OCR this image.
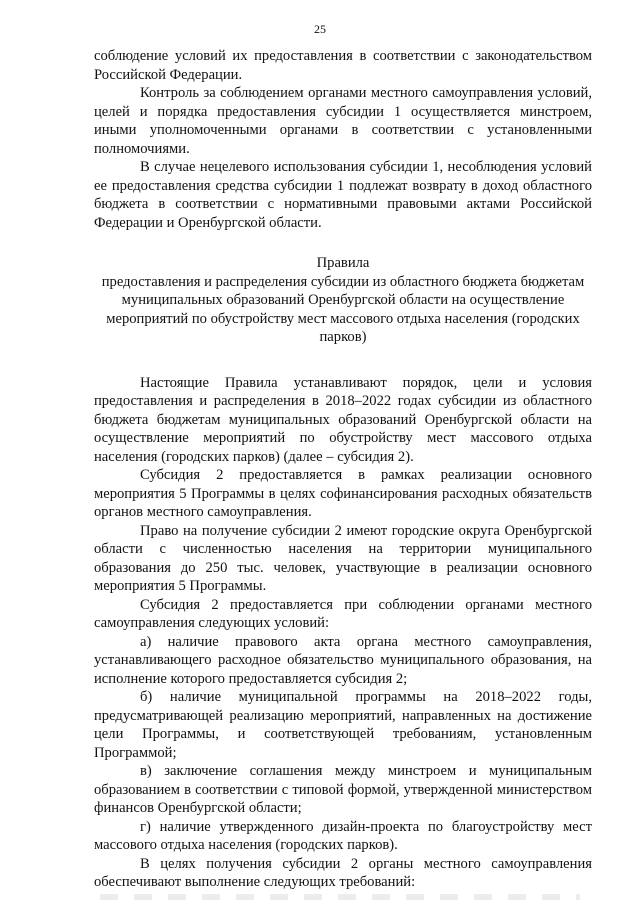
25

соблюдение условий их предоставления в соответствии с законодательством Российской Федерации.

Контроль за соблюдением органами местного самоуправления условий, целей и порядка предоставления субсидии 1 осуществляется минстроем, иными уполномоченными органами в соответствии с установленными полномочиями.

В случае нецелевого использования субсидии 1, несоблюдения условий ее предоставления средства субсидии 1 подлежат возврату в доход областного бюджета в соответствии с нормативными правовыми актами Российской Федерации и Оренбургской области.

Правила

предоставления и распределения субсидии из областного бюджета бюджетам муниципальных образований Оренбургской области на осуществление мероприятий по обустройству мест массового отдыха населения (городских парков)

Настоящие Правила устанавливают порядок, цели и условия предоставления и распределения в 2018–2022 годах субсидии из областного бюджета бюджетам муниципальных образований Оренбургской области на осуществление мероприятий по обустройству мест массового отдыха населения (городских парков) (далее – субсидия 2).

Субсидия 2 предоставляется в рамках реализации основного мероприятия 5 Программы в целях софинансирования расходных обязательств органов местного самоуправления.

Право на получение субсидии 2 имеют городские округа Оренбургской области с численностью населения на территории муниципального образования до 250 тыс. человек, участвующие в реализации основного мероприятия 5 Программы.

Субсидия 2 предоставляется при соблюдении органами местного самоуправления следующих условий:

а) наличие правового акта органа местного самоуправления, устанавливающего расходное обязательство муниципального образования, на исполнение которого предоставляется субсидия 2;

б) наличие муниципальной программы на 2018–2022 годы, предусматривающей реализацию мероприятий, направленных на достижение цели Программы, и соответствующей требованиям, установленным Программой;

в) заключение соглашения между минстроем и муниципальным образованием в соответствии с типовой формой, утвержденной министерством финансов Оренбургской области;

г) наличие утвержденного дизайн-проекта по благоустройству мест массового отдыха населения (городских парков).

В целях получения субсидии 2 органы местного самоуправления обеспечивают выполнение следующих требований:
